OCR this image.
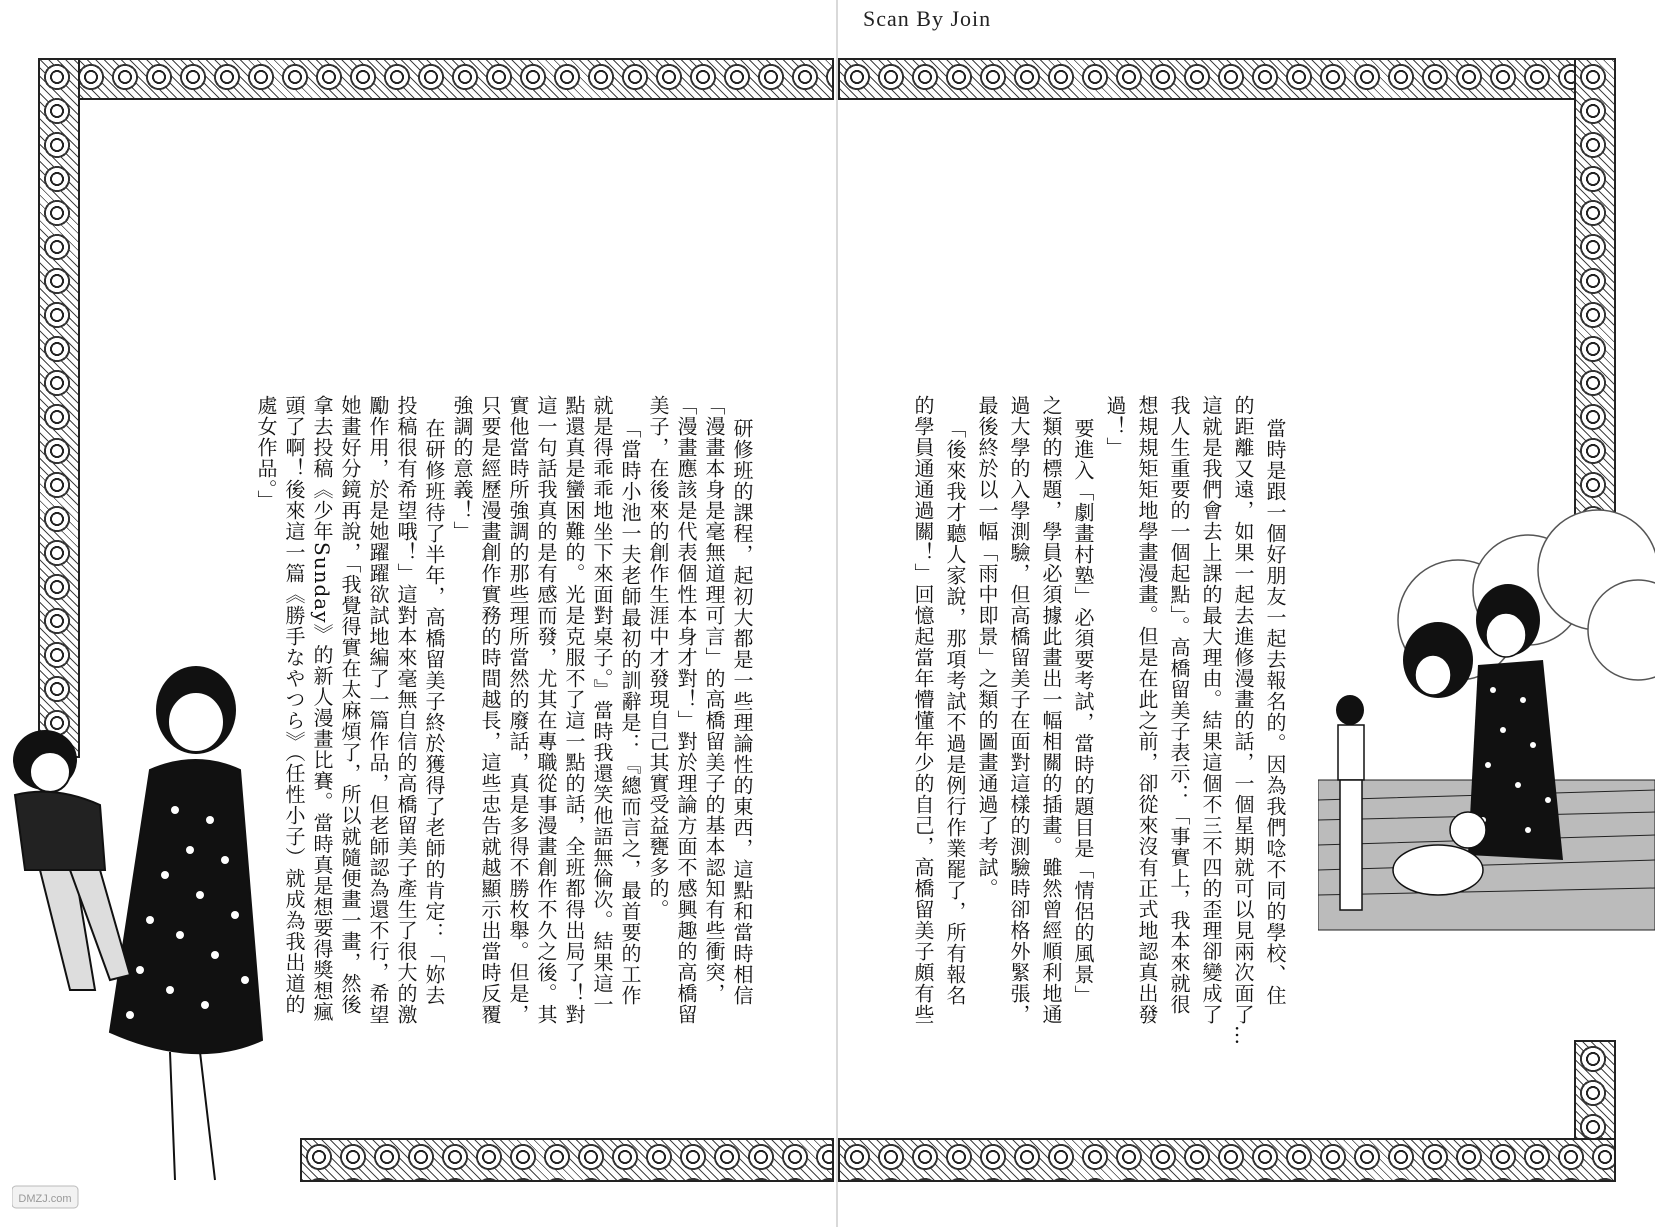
Scan By Join
研修班的課程，起初大都是一些理論性的東西，這點和當時相信
「漫畫本身是毫無道理可言」的高橋留美子的基本認知有些衝突，
「漫畫應該是代表個性本身才對！」對於理論方面不感興趣的高橋留
美子，在後來的創作生涯中才發現自己其實受益甕多的。
「當時小池一夫老師最初的訓辭是：『總而言之，最首要的工作
就是得乖乖地坐下來面對桌子。』當時我還笑他語無倫次。結果這一
點還真是蠻困難的。光是克服不了這一點的話，全班都得出局了！對
這一句話我真的是有感而發，尤其在專職從事漫畫創作不久之後。其
實他當時所強調的那些理所當然的廢話，真是多得不勝枚舉。但是，
只要是經歷漫畫創作實務的時間越長，這些忠告就越顯示出當時反覆
強調的意義！」
在研修班待了半年，高橋留美子終於獲得了老師的肯定：「妳去
投稿很有希望哦！」這對本來毫無自信的高橋留美子產生了很大的激
勵作用，於是她躍躍欲試地編了一篇作品，但老師認為還不行，希望
她畫好分鏡再說，「我覺得實在太麻煩了，所以就隨便畫一畫，然後
拿去投稿《少年Sunday》的新人漫畫比賽。當時真是想要得獎想瘋
頭了啊！後來這一篇《勝手なやつら》（任性小子）就成為我出道的
處女作品。」	當時是跟一個好朋友一起去報名的。因為我們唸不同的學校、住
的距離又遠，如果一起去進修漫畫的話，一個星期就可以見兩次面了…
這就是我們會去上課的最大理由。結果這個不三不四的歪理卻變成了
我人生重要的一個起點」。高橋留美子表示：「事實上，我本來就很
想規規矩矩地學畫漫畫。但是在此之前，卻從來沒有正式地認真出發
過！」
要進入「劇畫村塾」必須要考試，當時的題目是「情侶的風景」
之類的標題，學員必須據此畫出一幅相關的插畫。雖然曾經順利地通
過大學的入學測驗，但高橋留美子在面對這樣的測驗時卻格外緊張，
最後終於以一幅「雨中即景」之類的圖畫通過了考試。
「後來我才聽人家說，那項考試不過是例行作業罷了，所有報名
的學員通通過關！」回憶起當年懵懂年少的自己，高橋留美子頗有些
DMZJ.com
